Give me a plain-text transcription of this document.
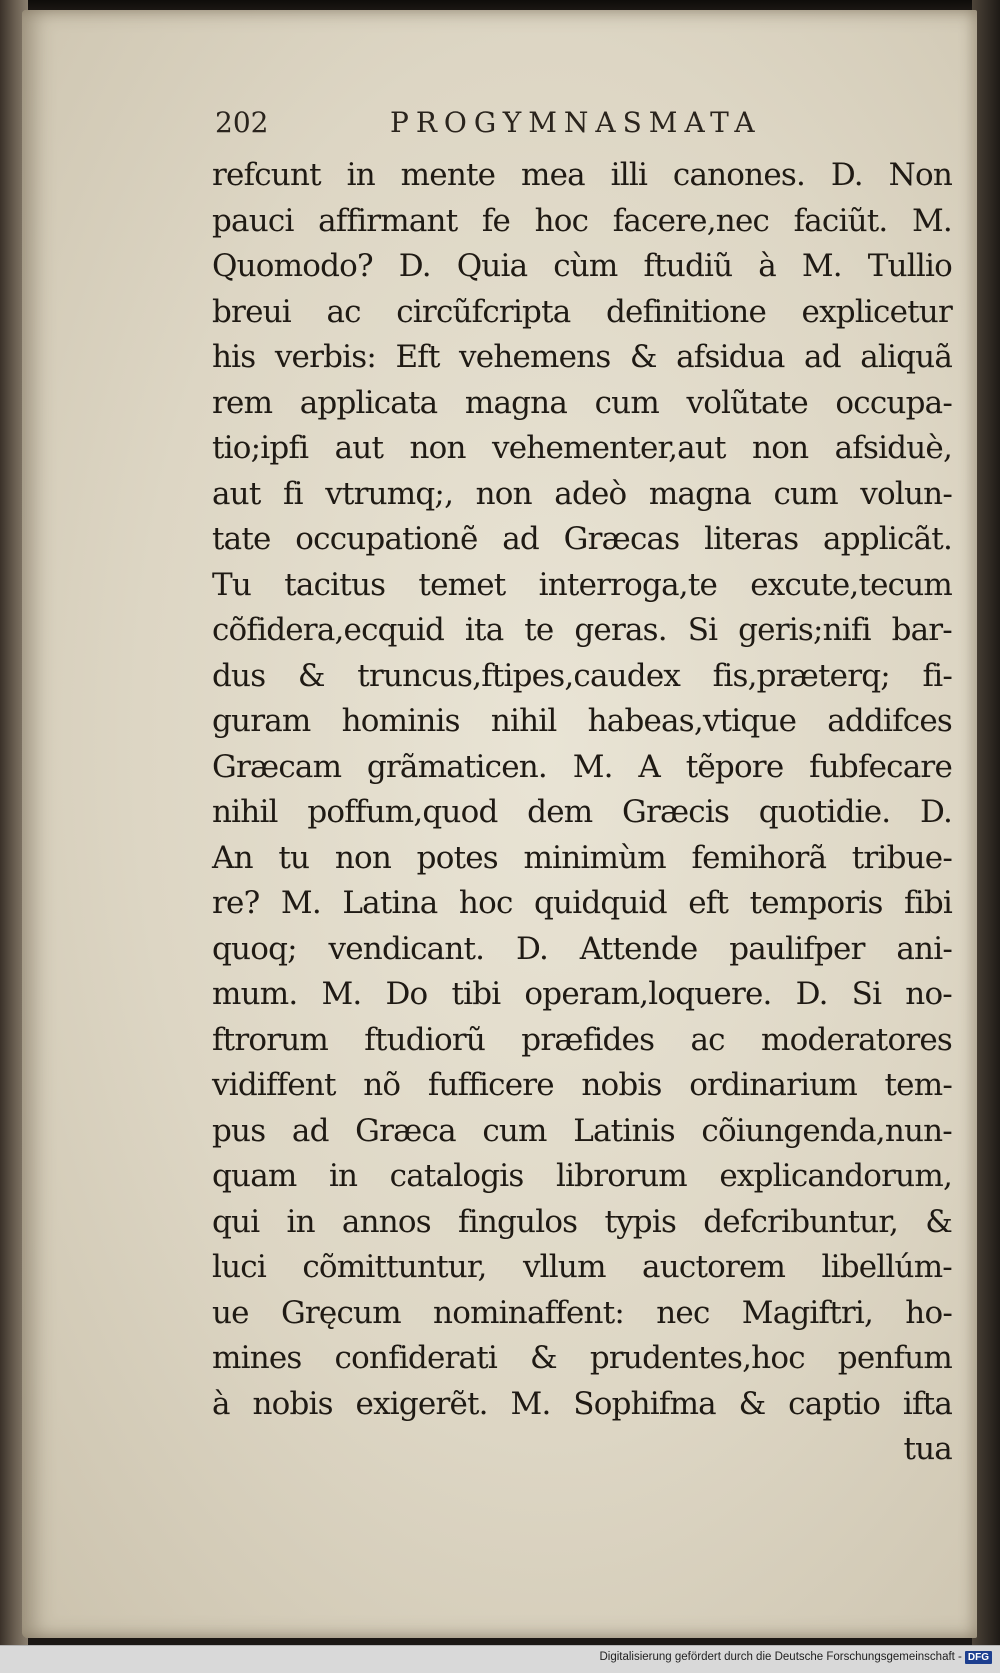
202	PROGYMNASMATA
refcunt in mente mea illi canones. D. Non
pauci affirmant fe hoc facere,nec faciũt. M.
Quomodo? D. Quia cùm ftudiũ à M. Tullio
breui ac circũfcripta definitione explicetur
his verbis: Eft vehemens & afsidua ad aliquã
rem applicata magna cum volũtate occupa-
tio;ipfi aut non vehementer,aut non afsiduè,
aut fi vtrumq;, non adeò magna cum volun-
tate occupationẽ ad Græcas literas applicãt.
Tu tacitus temet interroga,te excute,tecum
cõfidera,ecquid ita te geras. Si geris;nifi bar-
dus & truncus,ftipes,caudex fis,præterq; fi-
guram hominis nihil habeas,vtique addifces
Græcam grãmaticen. M. A tẽpore fubfecare
nihil poffum,quod dem Græcis quotidie. D.
An tu non potes minimùm femihorã tribue-
re? M. Latina hoc quidquid eft temporis fibi
quoq; vendicant. D. Attende paulifper ani-
mum. M. Do tibi operam,loquere. D. Si no-
ftrorum ftudiorũ præfides ac moderatores
vidiffent nõ fufficere nobis ordinarium tem-
pus ad Græca cum Latinis cõiungenda,nun-
quam in catalogis librorum explicandorum,
qui in annos fingulos typis defcribuntur, &
luci cõmittuntur, vllum auctorem libellúm-
ue Gręcum nominaffent: nec Magiftri, ho-
mines confiderati & prudentes,hoc penfum
à nobis exigerẽt. M. Sophifma & captio ifta
tua
Digitalisierung gefördert durch die Deutsche Forschungsgemeinschaft - DFG
